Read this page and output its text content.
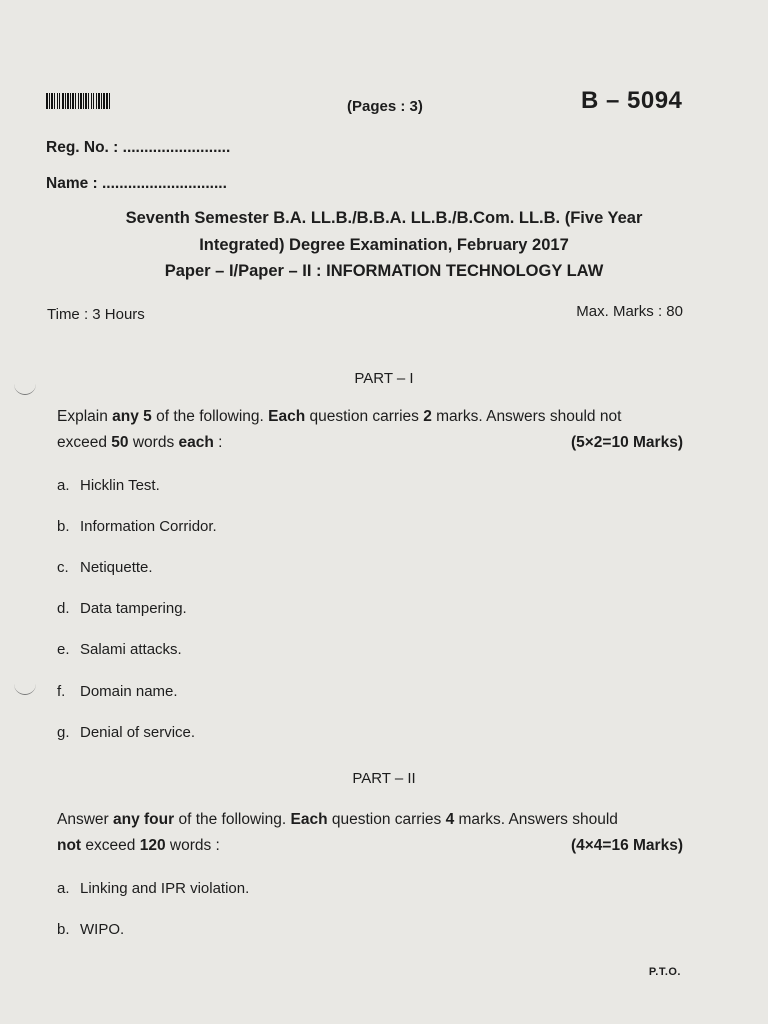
(Pages : 3)	B – 5094
Reg. No. : .........................
Name : .............................
Seventh Semester B.A. LL.B./B.B.A. LL.B./B.Com. LL.B. (Five Year
Integrated) Degree Examination, February 2017
Paper – I/Paper – II : INFORMATION TECHNOLOGY LAW
Time : 3 Hours	Max. Marks : 80
PART – I
Explain any 5 of the following. Each question carries 2 marks. Answers should not
exceed 50 words each :	(5×2=10 Marks)
a. Hicklin Test.
b. Information Corridor.
c. Netiquette.
d. Data tampering.
e. Salami attacks.
f. Domain name.
g. Denial of service.
PART – II
Answer any four of the following. Each question carries 4 marks. Answers should
not exceed 120 words :	(4×4=16 Marks)
a. Linking and IPR violation.
b. WIPO.
P.T.O.
